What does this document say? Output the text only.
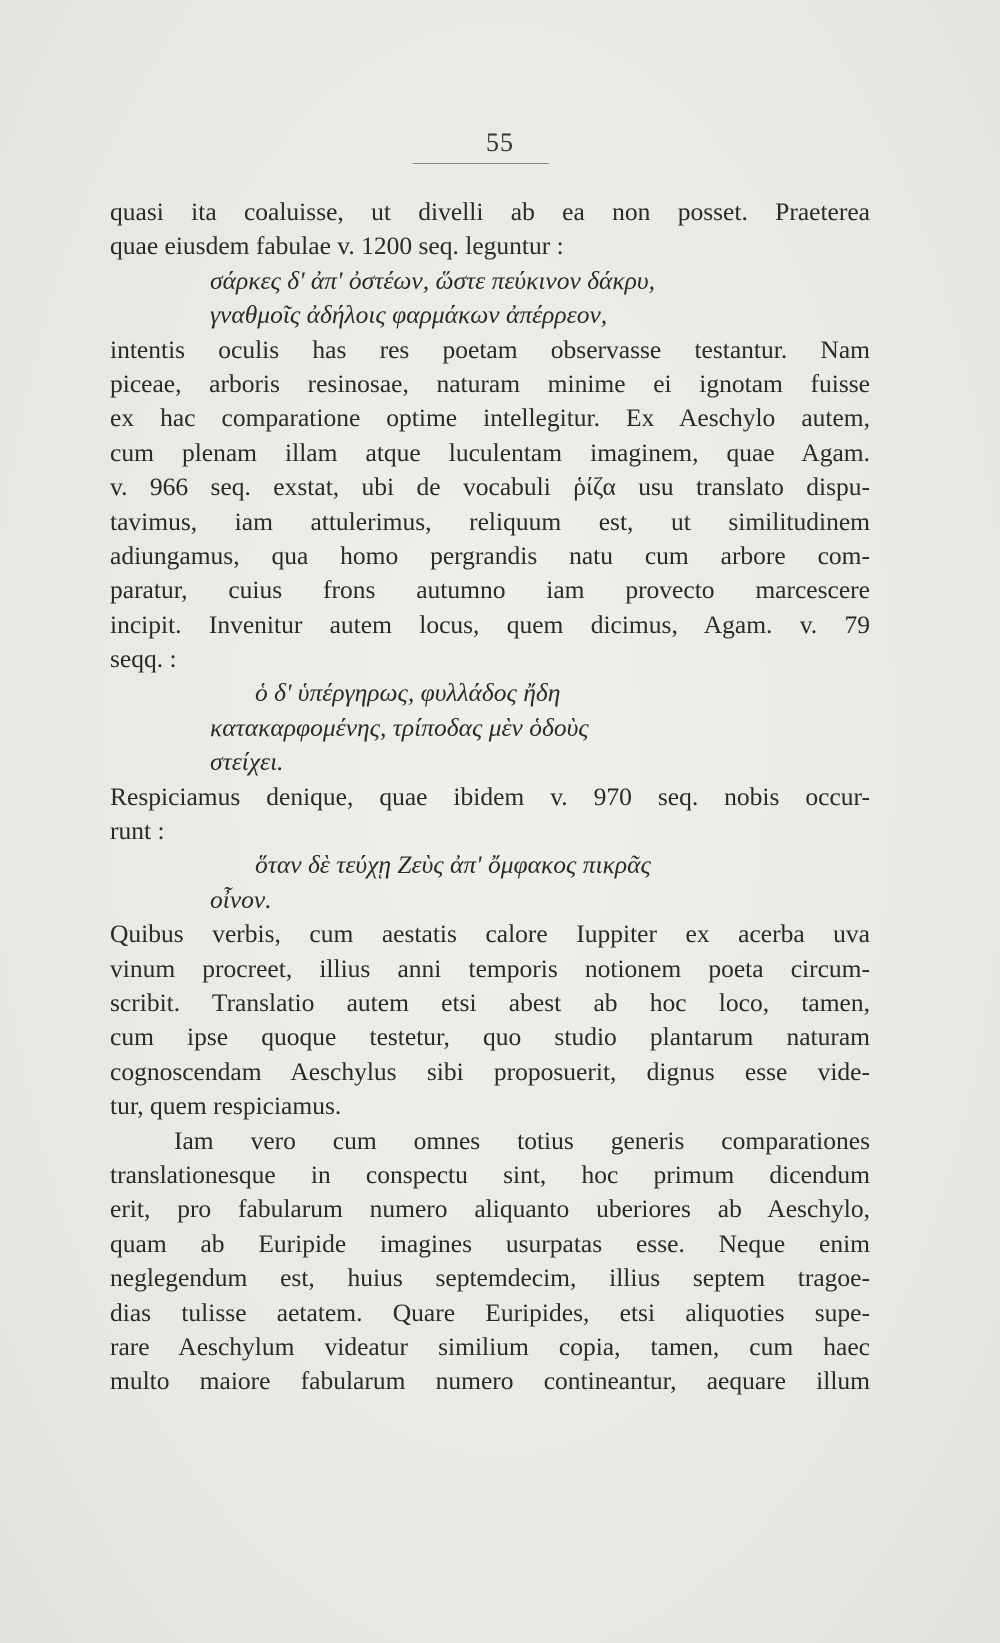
55
quasi ita coaluisse, ut divelli ab ea non posset. Praeterea
quae eiusdem fabulae v. 1200 seq. leguntur :
σάρκες δ' ἀπ' ὀστέων, ὥστε πεύκινον δάκρυ,
γναθμοῖς ἀδήλοις φαρμάκων ἀπέρρεον,
intentis oculis has res poetam observasse testantur. Nam
piceae, arboris resinosae, naturam minime ei ignotam fuisse
ex hac comparatione optime intellegitur. Ex Aeschylo autem,
cum plenam illam atque luculentam imaginem, quae Agam.
v. 966 seq. exstat, ubi de vocabuli ῥίζα usu translato dispu-
tavimus, iam attulerimus, reliquum est, ut similitudinem
adiungamus, qua homo pergrandis natu cum arbore com-
paratur, cuius frons autumno iam provecto marcescere
incipit. Invenitur autem locus, quem dicimus, Agam. v. 79
seqq. :
ὁ δ' ὑπέργηρως, φυλλάδος ἤδη
κατακαρφομένης, τρίποδας μὲν ὁδοὺς
στείχει.
Respiciamus denique, quae ibidem v. 970 seq. nobis occur-
runt :
ὅταν δὲ τεύχῃ Ζεὺς ἀπ' ὄμφακος πικρᾶς
οἶνον.
Quibus verbis, cum aestatis calore Iuppiter ex acerba uva
vinum procreet, illius anni temporis notionem poeta circum-
scribit. Translatio autem etsi abest ab hoc loco, tamen,
cum ipse quoque testetur, quo studio plantarum naturam
cognoscendam Aeschylus sibi proposuerit, dignus esse vide-
tur, quem respiciamus.
Iam vero cum omnes totius generis comparationes
translationesque in conspectu sint, hoc primum dicendum
erit, pro fabularum numero aliquanto uberiores ab Aeschylo,
quam ab Euripide imagines usurpatas esse. Neque enim
neglegendum est, huius septemdecim, illius septem tragoe-
dias tulisse aetatem. Quare Euripides, etsi aliquoties supe-
rare Aeschylum videatur similium copia, tamen, cum haec
multo maiore fabularum numero contineantur, aequare illum
